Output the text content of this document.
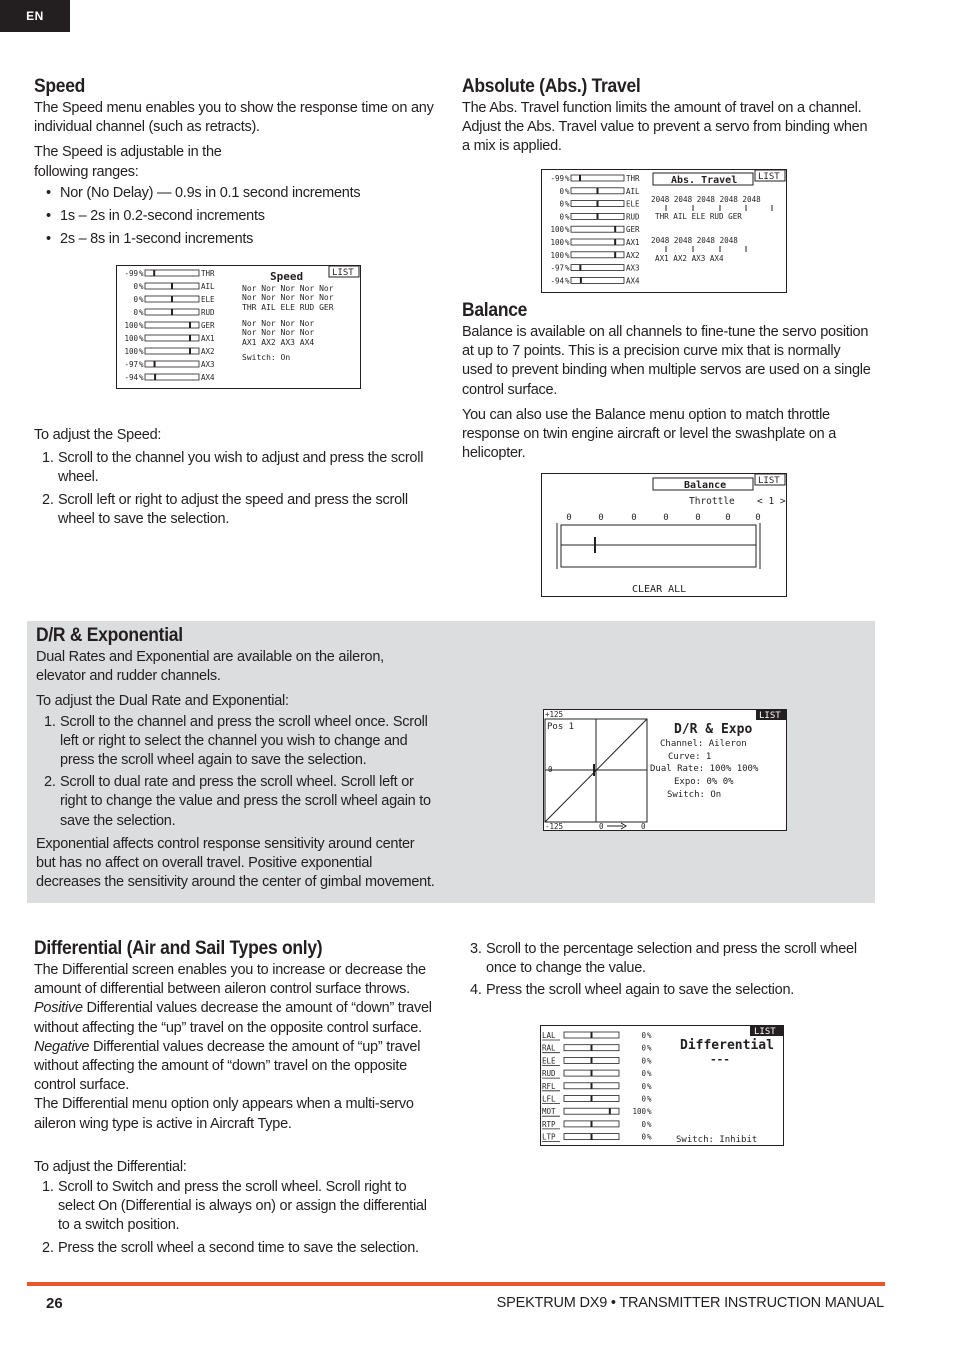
EN
Speed

The Speed menu enables you to show the response time on any individual channel (such as retracts).

The Speed is adjustable in the
following ranges:

• Nor (No Delay) — 0.9s in 0.1 second increments
• 1s – 2s in 0.2-second increments
• 2s – 8s in 1-second increments
-99 %	THR
0 %	AIL
0 %	ELE
0 %	RUD
100 %	GER
100 %	AX1
100 %	AX2
-97 %	AX3
-94 %	AX4
Speed	LIST
Nor Nor Nor Nor Nor
Nor Nor Nor Nor Nor
THR AIL ELE RUD GER
Nor Nor Nor Nor
Nor Nor Nor Nor
AX1 AX2 AX3 AX4
Switch: On

To adjust the Speed:

1. Scroll to the channel you wish to adjust and press the scroll wheel.
2. Scroll left or right to adjust the speed and press the scroll wheel to save the selection.
Absolute (Abs.) Travel

The Abs. Travel function limits the amount of travel on a channel. Adjust the Abs. Travel value to prevent a servo from binding when a mix is applied.

-99 %	THR
0 %	AIL
0 %	ELE
0 %	RUD
100 %	GER
100 %	AX1
100 %	AX2
-97 %	AX3
-94 %	AX4
Abs. Travel LIST
2048 2048 2048 2048 2048
THR AIL ELE RUD GER
2048 2048 2048 2048
AX1 AX2 AX3 AX4
Balance

Balance is available on all channels to fine-tune the servo position at up to 7 points. This is a precision curve mix that is normally used to prevent binding when multiple servos are used on a single control surface.

You can also use the Balance menu option to match throttle response on twin engine aircraft or level the swashplate on a helicopter.

Balance	LIST
Throttle < 1 >
0	0	0	0	0	0	0
CLEAR ALL
D/R & Exponential

Dual Rates and Exponential are available on the aileron, elevator and rudder channels.

To adjust the Dual Rate and Exponential:

1. Scroll to the channel and press the scroll wheel once. Scroll left or right to select the channel you wish to change and press the scroll wheel again to save the selection.
2. Scroll to dual rate and press the scroll wheel. Scroll left or right to change the value and press the scroll wheel again to save the selection.

Exponential affects control response sensitivity around center but has no affect on overall travel. Positive exponential decreases the sensitivity around the center of gimbal movement.

+125
Pos 1
0
-125	0	0
LIST
D/R & Expo
Channel: Aileron
Curve: 1
Dual Rate: 100% 100%
Expo: 0% 0%
Switch: On
Differential (Air and Sail Types only)

The Differential screen enables you to increase or decrease the amount of differential between aileron control surface throws. Positive Differential values decrease the amount of “down” travel without affecting the “up” travel on the opposite control surface. Negative Differential values decrease the amount of “up” travel without affecting the amount of “down” travel on the opposite control surface.

The Differential menu option only appears when a multi-servo aileron wing type is active in Aircraft Type.

To adjust the Differential:

1. Scroll to Switch and press the scroll wheel. Scroll right to select On (Differential is always on) or assign the differential to a switch position.
2. Press the scroll wheel a second time to save the selection.
3. Scroll to the percentage selection and press the scroll wheel once to change the value.
4. Press the scroll wheel again to save the selection.
LAL	0 %
RAL	0 %
ELE	0 %
RUD	0 %
RFL	0 %
LFL	0 %
MOT	100 %
RTP	0 %
LTP	0 %
LIST
Differential
---
Switch: Inhibit
26	SPEKTRUM DX9 • TRANSMITTER INSTRUCTION MANUAL
